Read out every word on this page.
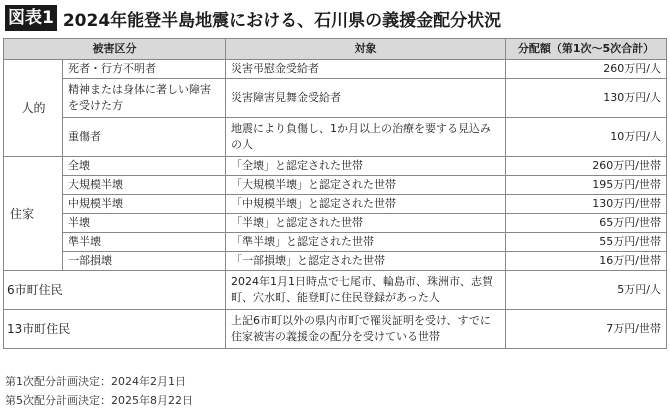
図表1 2024年能登半島地震における、石川県の義援金配分状況
被害区分		対象	分配額（第1次～5次合計）
人的	死者・行方不明者	災害弔慰金受給者	260万円/人
	精神または身体に著しい障害を受けた方	災害障害見舞金受給者	130万円/人
	重傷者	地震により負傷し、1か月以上の治療を要する見込みの人	10万円/人
住家	全壊	「全壊」と認定された世帯	260万円/世帯
	大規模半壊	「大規模半壊」と認定された世帯	195万円/世帯
	中規模半壊	「中規模半壊」と認定された世帯	130万円/世帯
	半壊	「半壊」と認定された世帯	65万円/世帯
	準半壊	「準半壊」と認定された世帯	55万円/世帯
	一部損壊	「一部損壊」と認定された世帯	16万円/世帯
6市町住民		2024年1月1日時点で七尾市、輪島市、珠洲市、志賀町、穴水町、能登町に住民登録があった人	5万円/人
13市町住民		上記6市町以外の県内市町で罹災証明を受け、すでに住家被害の義援金の配分を受けている世帯	7万円/世帯
第1次配分計画決定：2024年2月1日
第5次配分計画決定：2025年8月22日
